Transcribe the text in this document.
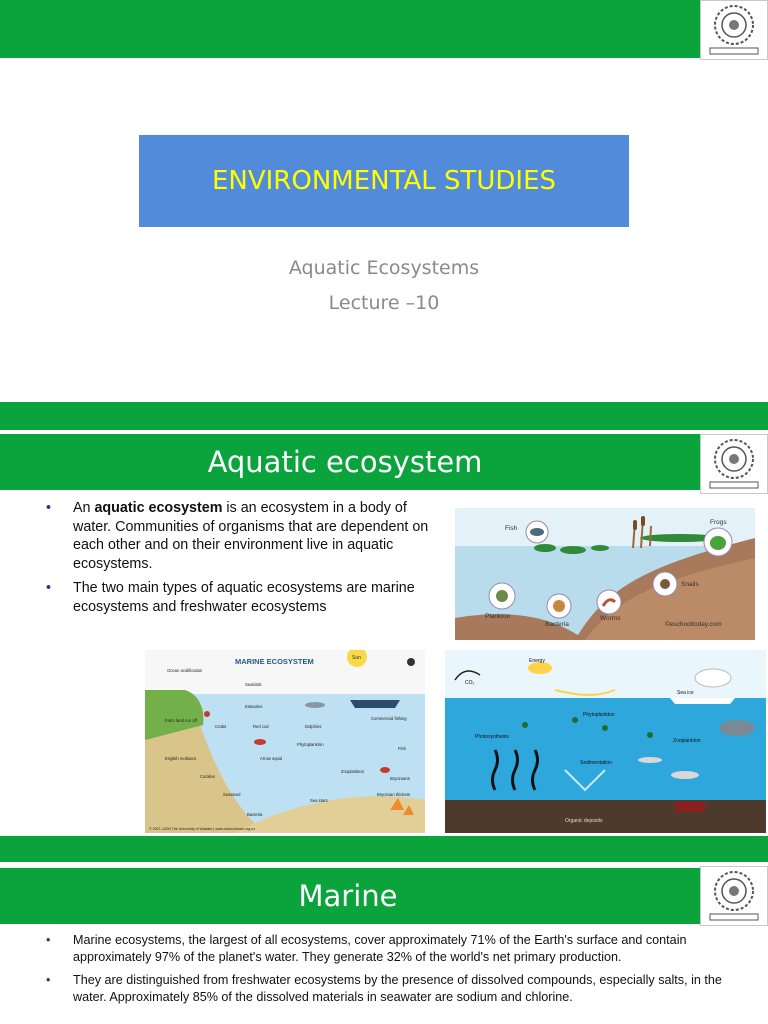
ENVIRONMENTAL STUDIES
Aquatic Ecosystems
Lecture –10
Aquatic ecosystem
• An aquatic ecosystem is an ecosystem in a body of water. Communities of organisms that are dependent on each other and on their environment live in aquatic ecosystems.
• The two main types of aquatic ecosystems are marine ecosystems and freshwater ecosystems
Fish
Frogs
Snails
Plankton
Bacteria
Worms
©eschooltoday.com
MARINE ECOSYSTEM	Sun
Ocean acidification
Seabirds
Estuaries
Crabs	Red cod	Dolphins
Commercial fishing
Phytoplankton
Fish
Arrow squid
Zooplankton
Bryozoans
Cockles
Seaweed
Sea stars
Bacteria
Farm land run off
English molluscs
Bryozoan thickets
© 2007–2009 The University of Waikato | www.sciencelearn.org.nz
Energy
CO₂
Sea ice
Phytoplankton
Photosynthesis
Zooplankton
Sedimentation
Organic deposits
Marine
• Marine ecosystems, the largest of all ecosystems, cover approximately 71% of the Earth's surface and contain approximately 97% of the planet's water. They generate 32% of the world's net primary production.
• They are distinguished from freshwater ecosystems by the presence of dissolved compounds, especially salts, in the water. Approximately 85% of the dissolved materials in seawater are sodium and chlorine.
